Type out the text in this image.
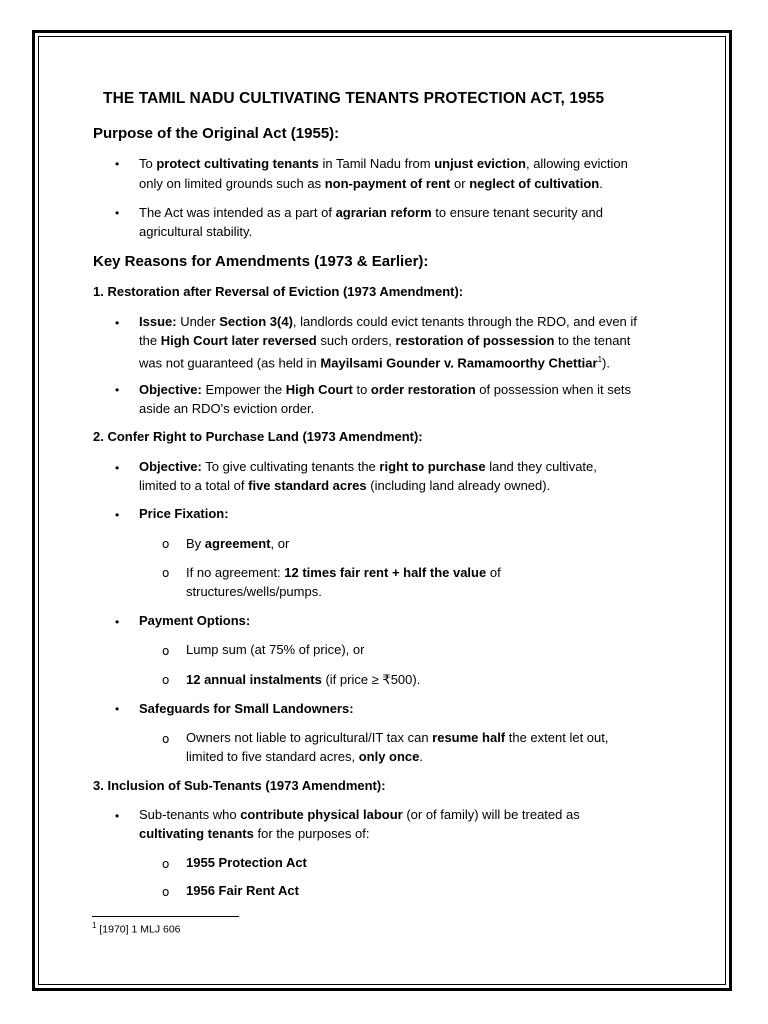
THE TAMIL NADU CULTIVATING TENANTS PROTECTION ACT, 1955
Purpose of the Original Act (1955):
• To protect cultivating tenants in Tamil Nadu from unjust eviction, allowing eviction
only on limited grounds such as non-payment of rent or neglect of cultivation.
• The Act was intended as a part of agrarian reform to ensure tenant security and
agricultural stability.
Key Reasons for Amendments (1973 & Earlier):
1. Restoration after Reversal of Eviction (1973 Amendment):
• Issue: Under Section 3(4), landlords could evict tenants through the RDO, and even if
the High Court later reversed such orders, restoration of possession to the tenant
was not guaranteed (as held in Mayilsami Gounder v. Ramamoorthy Chettiar$^1$).
• Objective: Empower the High Court to order restoration of possession when it sets
aside an RDO's eviction order.
2. Confer Right to Purchase Land (1973 Amendment):
• Objective: To give cultivating tenants the right to purchase land they cultivate,
limited to a total of five standard acres (including land already owned).
• Price Fixation:
o By agreement, or
o If no agreement: 12 times fair rent + half the value of
structures/wells/pumps.
• Payment Options:
o Lump sum (at 75% of price), or
o 12 annual instalments (if price ≥ ₹500).
• Safeguards for Small Landowners:
o Owners not liable to agricultural/IT tax can resume half the extent let out,
limited to five standard acres, only once.
3. Inclusion of Sub-Tenants (1973 Amendment):
• Sub-tenants who contribute physical labour (or of family) will be treated as
cultivating tenants for the purposes of:
o 1955 Protection Act
o 1956 Fair Rent Act
$^1$ [1970] 1 MLJ 606
